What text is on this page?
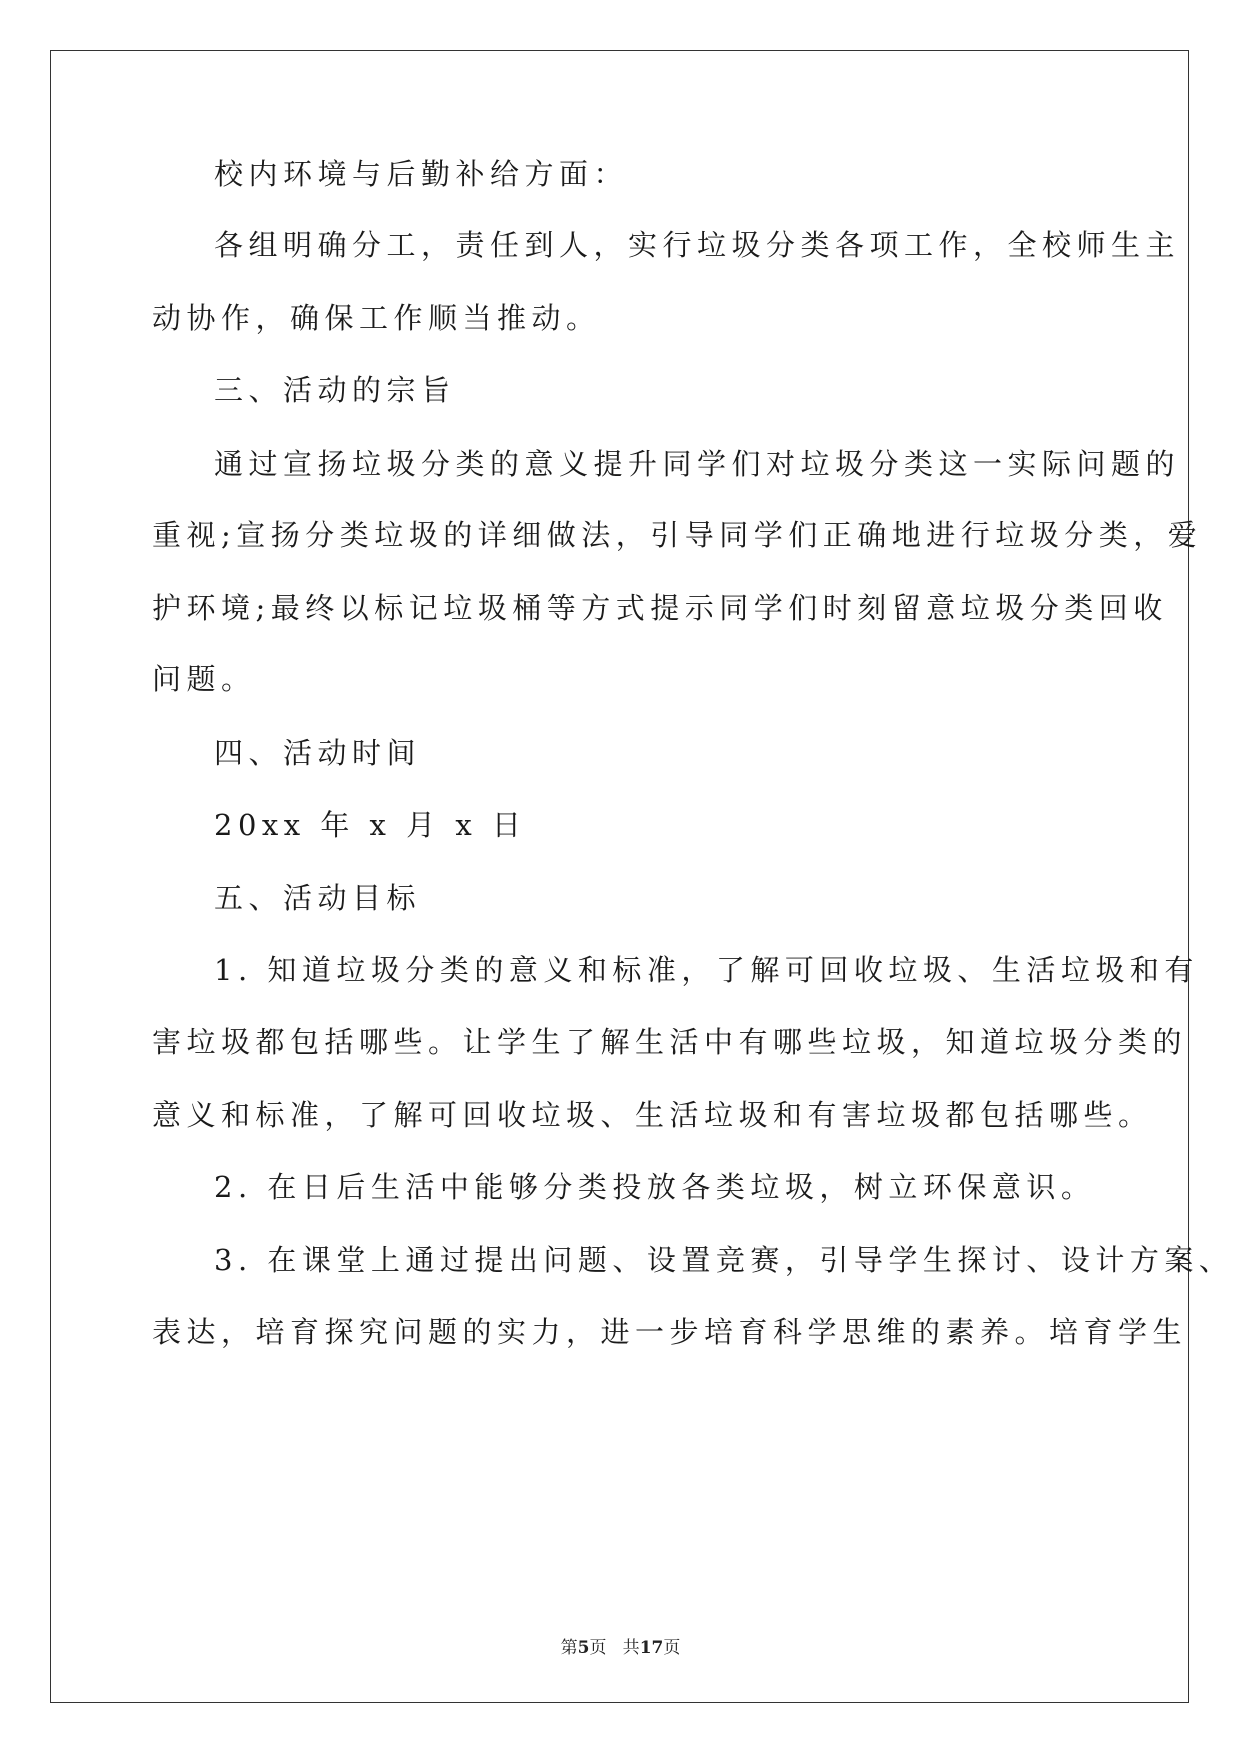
校内环境与后勤补给方面：
各组明确分工，责任到人，实行垃圾分类各项工作，全校师生主
动协作，确保工作顺当推动。
三、活动的宗旨
通过宣扬垃圾分类的意义提升同学们对垃圾分类这一实际问题的
重视;宣扬分类垃圾的详细做法，引导同学们正确地进行垃圾分类，爱
护环境;最终以标记垃圾桶等方式提示同学们时刻留意垃圾分类回收
问题。
四、活动时间
20xx 年 x 月 x 日
五、活动目标
1. 知道垃圾分类的意义和标准，了解可回收垃圾、生活垃圾和有
害垃圾都包括哪些。让学生了解生活中有哪些垃圾，知道垃圾分类的
意义和标准，了解可回收垃圾、生活垃圾和有害垃圾都包括哪些。
2. 在日后生活中能够分类投放各类垃圾，树立环保意识。
3. 在课堂上通过提出问题、设置竞赛，引导学生探讨、设计方案、
表达，培育探究问题的实力，进一步培育科学思维的素养。培育学生
第5页   共17页
